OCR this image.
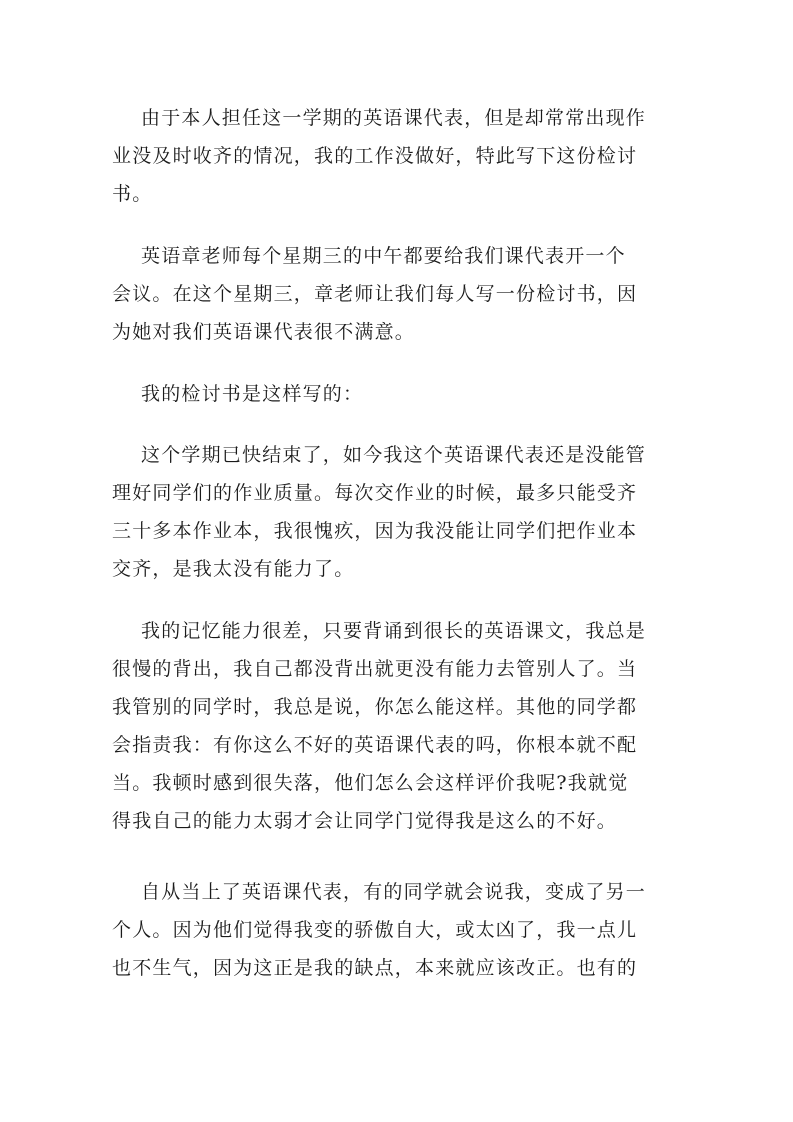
由于本人担任这一学期的英语课代表，但是却常常出现作
业没及时收齐的情况，我的工作没做好，特此写下这份检讨
书。
英语章老师每个星期三的中午都要给我们课代表开一个
会议。在这个星期三，章老师让我们每人写一份检讨书，因
为她对我们英语课代表很不满意。
我的检讨书是这样写的：
这个学期已快结束了，如今我这个英语课代表还是没能管
理好同学们的作业质量。每次交作业的时候，最多只能受齐
三十多本作业本，我很愧疚，因为我没能让同学们把作业本
交齐，是我太没有能力了。
我的记忆能力很差，只要背诵到很长的英语课文，我总是
很慢的背出，我自己都没背出就更没有能力去管别人了。当
我管别的同学时，我总是说，你怎么能这样。其他的同学都
会指责我：有你这么不好的英语课代表的吗，你根本就不配
当。我顿时感到很失落，他们怎么会这样评价我呢?我就觉
得我自己的能力太弱才会让同学门觉得我是这么的不好。
自从当上了英语课代表，有的同学就会说我，变成了另一
个人。因为他们觉得我变的骄傲自大，或太凶了，我一点儿
也不生气，因为这正是我的缺点，本来就应该改正。也有的
